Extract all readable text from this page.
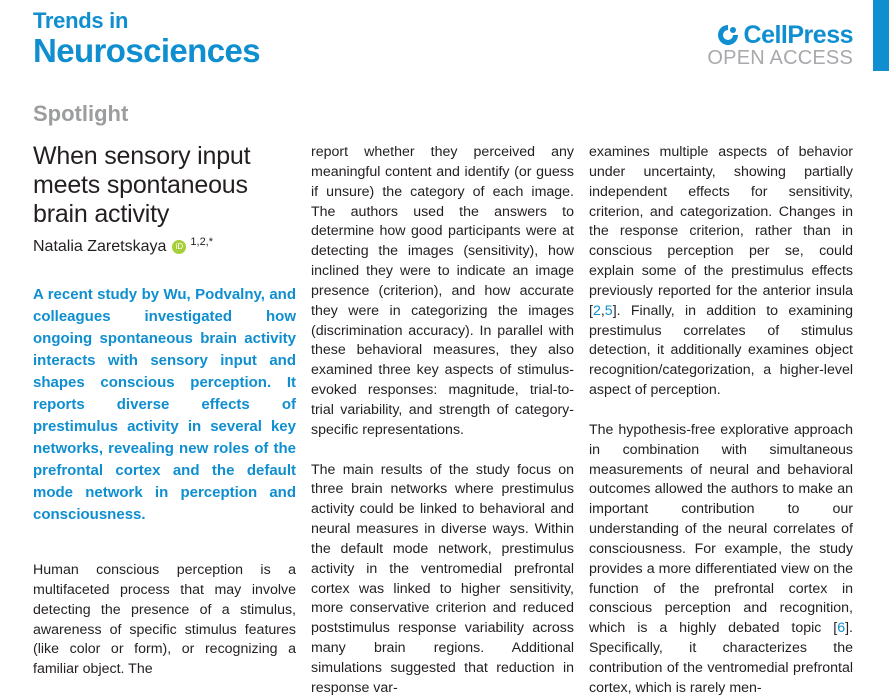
Trends in
Neurosciences	CellPress
OPEN ACCESS
Spotlight
When sensory input
meets spontaneous
brain activity
Natalia Zaretskaya	iD $^{1,2,*}$
A recent study by Wu, Podvalny, and colleagues investigated how ongoing spontaneous brain activity interacts with sensory input and shapes conscious perception. It reports diverse effects of prestimulus activity in several key networks, revealing new roles of the prefrontal cortex and the default mode network in perception and consciousness.

Human conscious perception is a multifaceted process that may involve detecting the presence of a stimulus, awareness of specific stimulus features (like color or form), or recognizing a familiar object. The

report whether they perceived any meaningful content and identify (or guess if unsure) the category of each image. The authors used the answers to determine how good participants were at detecting the images (sensitivity), how inclined they were to indicate an image presence (criterion), and how accurate they were in categorizing the images (discrimination accuracy). In parallel with these behavioral measures, they also examined three key aspects of stimulus-evoked responses: magnitude, trial-to-trial variability, and strength of category-specific representations.

The main results of the study focus on three brain networks where prestimulus activity could be linked to behavioral and neural measures in diverse ways. Within the default mode network, prestimulus activity in the ventromedial prefrontal cortex was linked to higher sensitivity, more conservative criterion and reduced poststimulus response variability across many brain regions. Additional simulations suggested that reduction in response var-

examines multiple aspects of behavior under uncertainty, showing partially independent effects for sensitivity, criterion, and categorization. Changes in the response criterion, rather than in conscious perception per se, could explain some of the prestimulus effects previously reported for the anterior insula [2,5]. Finally, in addition to examining prestimulus correlates of stimulus detection, it additionally examines object recognition/categorization, a higher-level aspect of perception.

The hypothesis-free explorative approach in combination with simultaneous measurements of neural and behavioral outcomes allowed the authors to make an important contribution to our understanding of the neural correlates of consciousness. For example, the study provides a more differentiated view on the function of the prefrontal cortex in conscious perception and recognition, which is a highly debated topic [6]. Specifically, it characterizes the contribution of the ventromedial prefrontal cortex, which is rarely men-
